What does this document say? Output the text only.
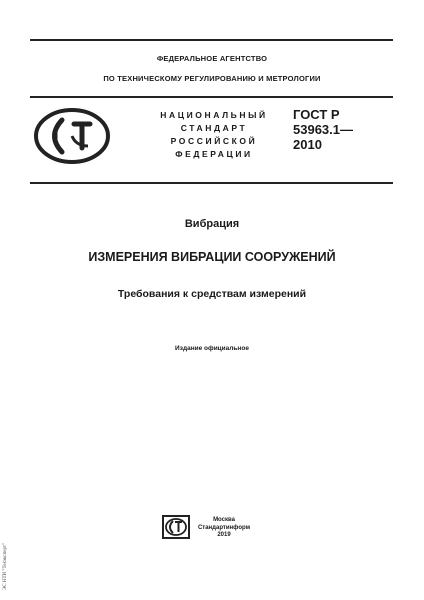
ФЕДЕРАЛЬНОЕ АГЕНТСТВО
ПО ТЕХНИЧЕСКОМУ РЕГУЛИРОВАНИЮ И МЕТРОЛОГИИ
НАЦИОНАЛЬНЫЙ
СТАНДАРТ
РОССИЙСКОЙ
ФЕДЕРАЦИИ
ГОСТ Р
53963.1—
2010
Вибрация
ИЗМЕРЕНИЯ ВИБРАЦИИ СООРУЖЕНИЙ
Требования к средствам измерений
Издание официальное
Москва
Стандартинформ
2019
ЭС НТИ "Техэксперт"
